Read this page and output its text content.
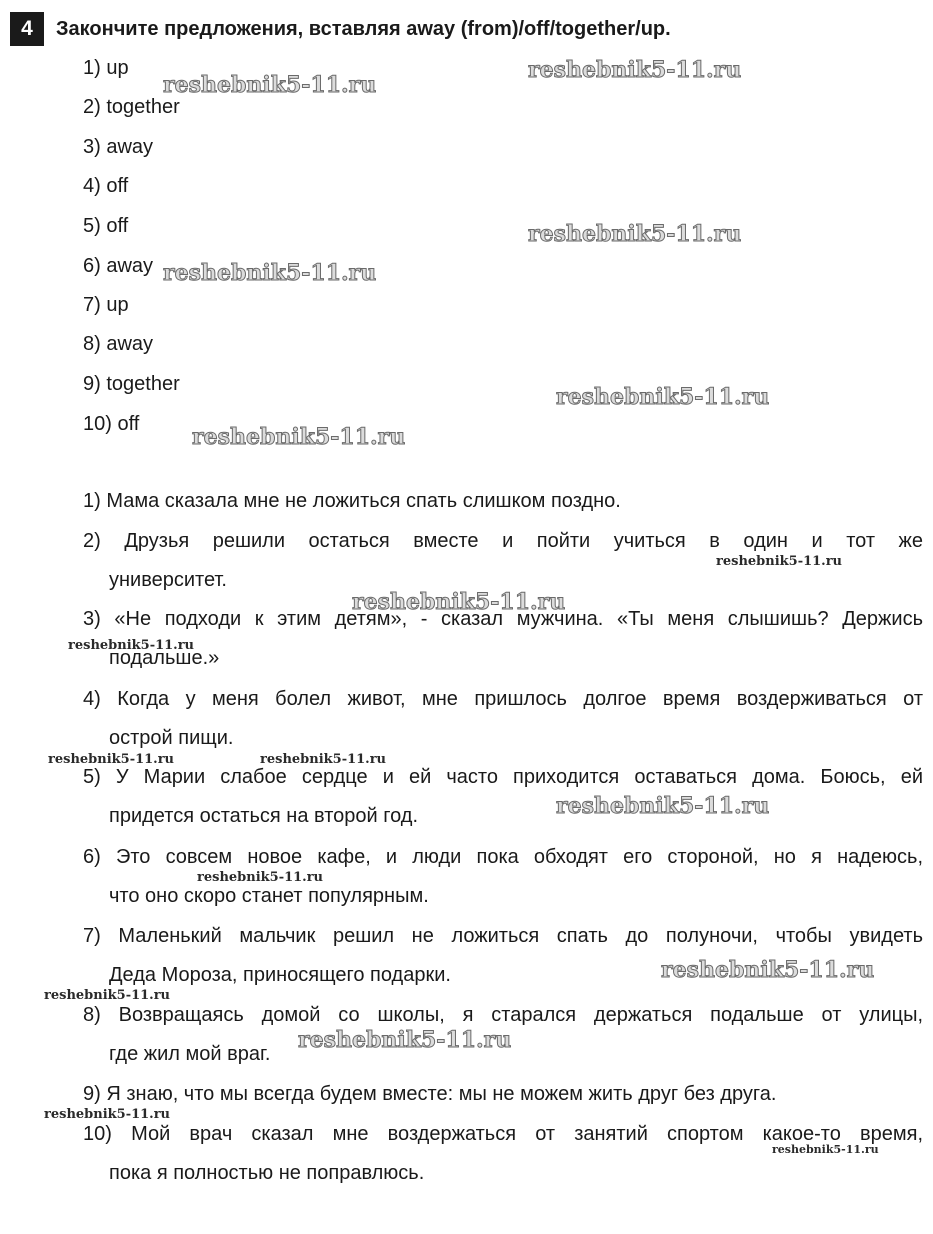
4	Закончите предложения, вставляя away (from)/off/together/up.
1) up
2) together
3) away
4) off
5) off
6) away
7) up
8) away
9) together
10) off
1) Мама сказала мне не ложиться спать слишком поздно.
2) Друзья решили остаться вместе и пойти учиться в один и тот же
университет.
3) «Не подходи к этим детям», - сказал мужчина. «Ты меня слышишь? Держись
подальше.»
4) Когда у меня болел живот, мне пришлось долгое время воздерживаться от
острой пищи.
5) У Марии слабое сердце и ей часто приходится оставаться дома. Боюсь, ей
придется остаться на второй год.
6) Это совсем новое кафе, и люди пока обходят его стороной, но я надеюсь,
что оно скоро станет популярным.
7) Маленький мальчик решил не ложиться спать до полуночи, чтобы увидеть
Деда Мороза, приносящего подарки.
8) Возвращаясь домой со школы, я старался держаться подальше от улицы,
где жил мой враг.
9) Я знаю, что мы всегда будем вместе: мы не можем жить друг без друга.
10) Мой врач сказал мне воздержаться от занятий спортом какое-то время,
пока я полностью не поправлюсь.
reshebnik5-11.ru
reshebnik5-11.ru
reshebnik5-11.ru
reshebnik5-11.ru
reshebnik5-11.ru
reshebnik5-11.ru
reshebnik5-11.ru
reshebnik5-11.ru
reshebnik5-11.ru
reshebnik5-11.ru	reshebnik5-11.ru
reshebnik5-11.ru
reshebnik5-11.ru
reshebnik5-11.ru
reshebnik5-11.ru
reshebnik5-11.ru
reshebnik5-11.ru
reshebnik5-11.ru
